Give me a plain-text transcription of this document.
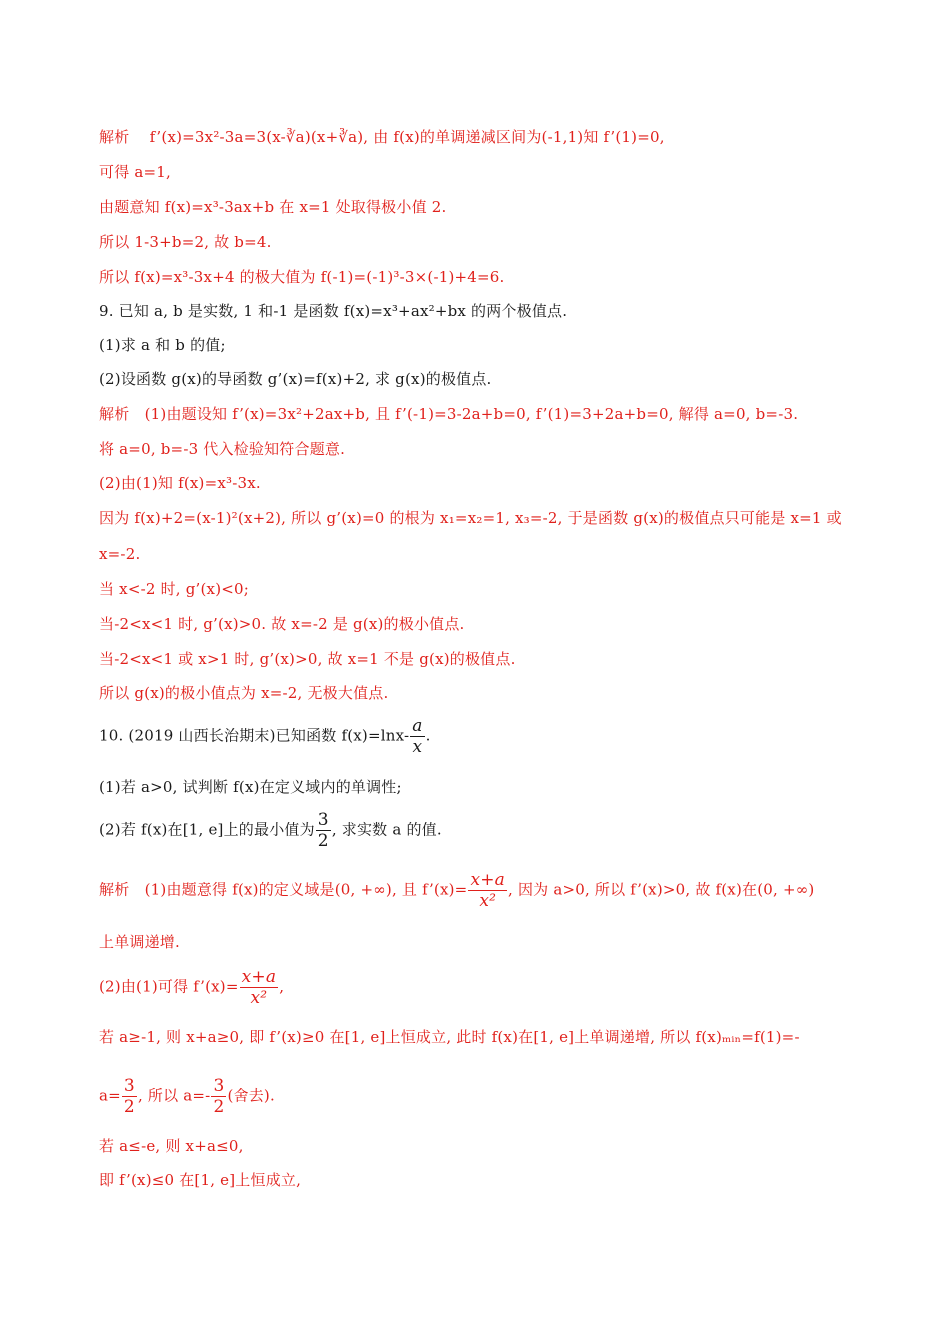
解析　 f’(x)=3x²-3a=3(x-∛a)(x+∛a), 由 f(x)的单调递减区间为(-1,1)知 f’(1)=0,
可得 a=1,
由题意知 f(x)=x³-3ax+b 在 x=1 处取得极小值 2.
所以 1-3+b=2, 故 b=4.
所以 f(x)=x³-3x+4 的极大值为 f(-1)=(-1)³-3×(-1)+4=6.
9. 已知 a, b 是实数, 1 和-1 是函数 f(x)=x³+ax²+bx 的两个极值点.
(1)求 a 和 b 的值;
(2)设函数 g(x)的导函数 g’(x)=f(x)+2, 求 g(x)的极值点.
解析　(1)由题设知 f’(x)=3x²+2ax+b, 且 f’(-1)=3-2a+b=0, f’(1)=3+2a+b=0, 解得 a=0, b=-3.
将 a=0, b=-3 代入检验知符合题意.
(2)由(1)知 f(x)=x³-3x.
因为 f(x)+2=(x-1)²(x+2), 所以 g’(x)=0 的根为 x₁=x₂=1, x₃=-2, 于是函数 g(x)的极值点只可能是 x=1 或
x=-2.
当 x<-2 时, g’(x)<0;
当-2<x<1 时, g’(x)>0. 故 x=-2 是 g(x)的极小值点.
当-2<x<1 或 x>1 时, g’(x)>0, 故 x=1 不是 g(x)的极值点.
所以 g(x)的极小值点为 x=-2, 无极大值点.
10. (2019 山西长治期末)已知函数 $f(x)=\ln x- \frac{a}{x}$ .
(1)若 a>0, 试判断 f(x)在定义域内的单调性;
(2)若 f(x)在[1, e]上的最小值为 $\frac{3}{2}$ , 求实数 a 的值.
解析　(1)由题意得 f(x)的定义域是(0, +∞), 且 f’(x)= $\frac{x+a}{\text{x²}}$ , 因为 a>0, 所以 f’(x)>0, 故 f(x)在(0, +∞)
上单调递增.
(2)由(1)可得 f’(x)= $\frac{x+a}{\text{x²}}$ ,
若 a≥-1, 则 x+a≥0, 即 f’(x)≥0 在[1, e]上恒成立, 此时 f(x)在[1, e]上单调递增, 所以 f(x)ₘᵢₙ=f(1)=-
$a= \frac{3}{2}$ , 所以 $a=- \frac{3}{2}$ (舍去).
若 a≤-e, 则 x+a≤0,
即 f’(x)≤0 在[1, e]上恒成立,
